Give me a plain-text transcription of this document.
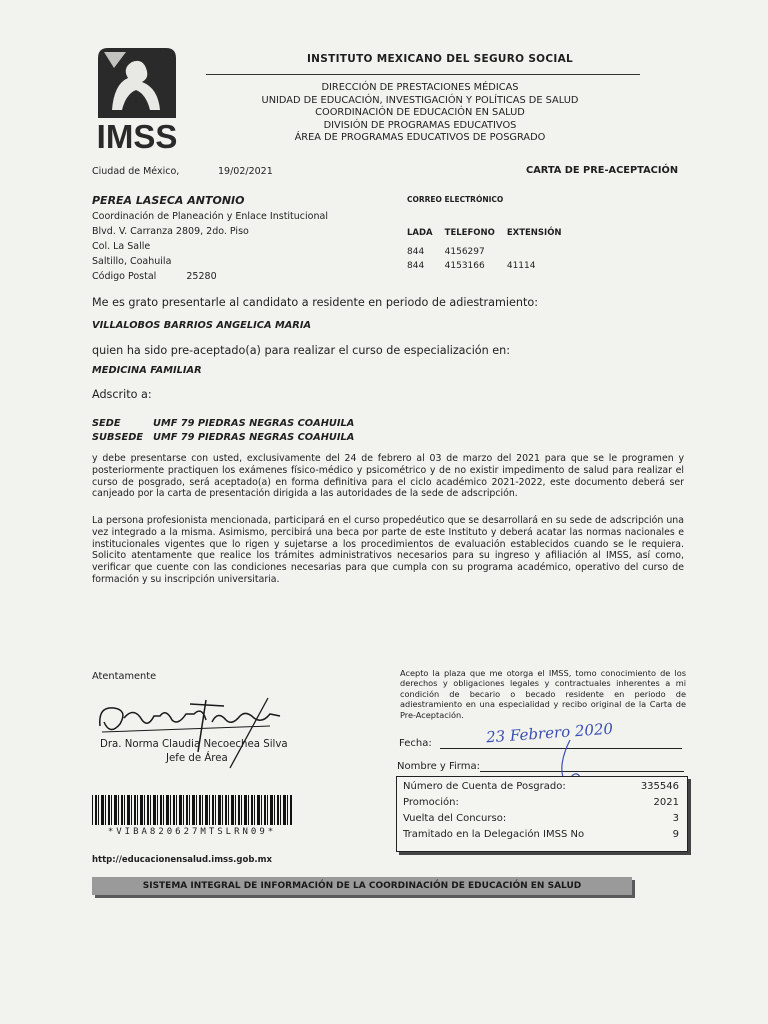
IMSS
INSTITUTO MEXICANO DEL SEGURO SOCIAL
DIRECCIÓN DE PRESTACIONES MÉDICAS
UNIDAD DE EDUCACIÓN, INVESTIGACIÓN Y POLÍTICAS DE SALUD
COORDINACIÓN DE EDUCACIÓN EN SALUD
DIVISIÓN DE PROGRAMAS EDUCATIVOS
ÁREA DE PROGRAMAS EDUCATIVOS DE POSGRADO
Ciudad de México,	19/02/2021	CARTA DE PRE-ACEPTACIÓN
PEREA LASECA ANTONIO
Coordinación de Planeación y Enlace Institucional
Blvd. V. Carranza 2809, 2do. Piso
Col. La Salle
Saltillo, Coahuila
Código Postal	25280
CORREO ELECTRÓNICO
LADA	TELEFONO	EXTENSIÓN
844	4156297	
844	4153166	41114
Me es grato presentarle al candidato a residente en periodo de adiestramiento:
VILLALOBOS BARRIOS ANGELICA MARIA
quien ha sido pre-aceptado(a) para realizar el curso de especialización en:
MEDICINA FAMILIAR
Adscrito a:
SEDE	UMF 79 PIEDRAS NEGRAS COAHUILA
SUBSEDE UMF 79 PIEDRAS NEGRAS COAHUILA
y debe presentarse con usted, exclusivamente del 24 de febrero al 03 de marzo del 2021 para que se le programen y posteriormente practiquen los exámenes físico-médico y psicométrico y de no existir impedimento de salud para realizar el curso de posgrado, será aceptado(a) en forma definitiva para el ciclo académico 2021-2022, este documento deberá ser canjeado por la carta de presentación dirigida a las autoridades de la sede de adscripción.
La persona profesionista mencionada, participará en el curso propedéutico que se desarrollará en su sede de adscripción una vez integrado a la misma. Asimismo, percibirá una beca por parte de este Instituto y deberá acatar las normas nacionales e institucionales vigentes que lo rigen y sujetarse a los procedimientos de evaluación establecidos cuando se le requiera. Solicito atentamente que realice los trámites administrativos necesarios para su ingreso y afiliación al IMSS, así como, verificar que cuente con las condiciones necesarias para que cumpla con su programa académico, operativo del curso de formación y su inscripción universitaria.
Atentamente
Dra. Norma Claudia Necoechea Silva
Jefe de Área
Acepto la plaza que me otorga el IMSS, tomo conocimiento de los derechos y obligaciones legales y contractuales inherentes a mi condición de becario o becado residente en periodo de adiestramiento en una especialidad y recibo original de la Carta de Pre-Aceptación.
Fecha:	23 Febrero 2020
Nombre y Firma:
Número de Cuenta de Posgrado:	335546
Promoción:	2021
Vuelta del Concurso:	3
Tramitado en la Delegación IMSS No	9
*VIBA820627MTSLRN09*
http://educacionensalud.imss.gob.mx
SISTEMA INTEGRAL DE INFORMACIÓN DE LA COORDINACIÓN DE EDUCACIÓN EN SALUD
